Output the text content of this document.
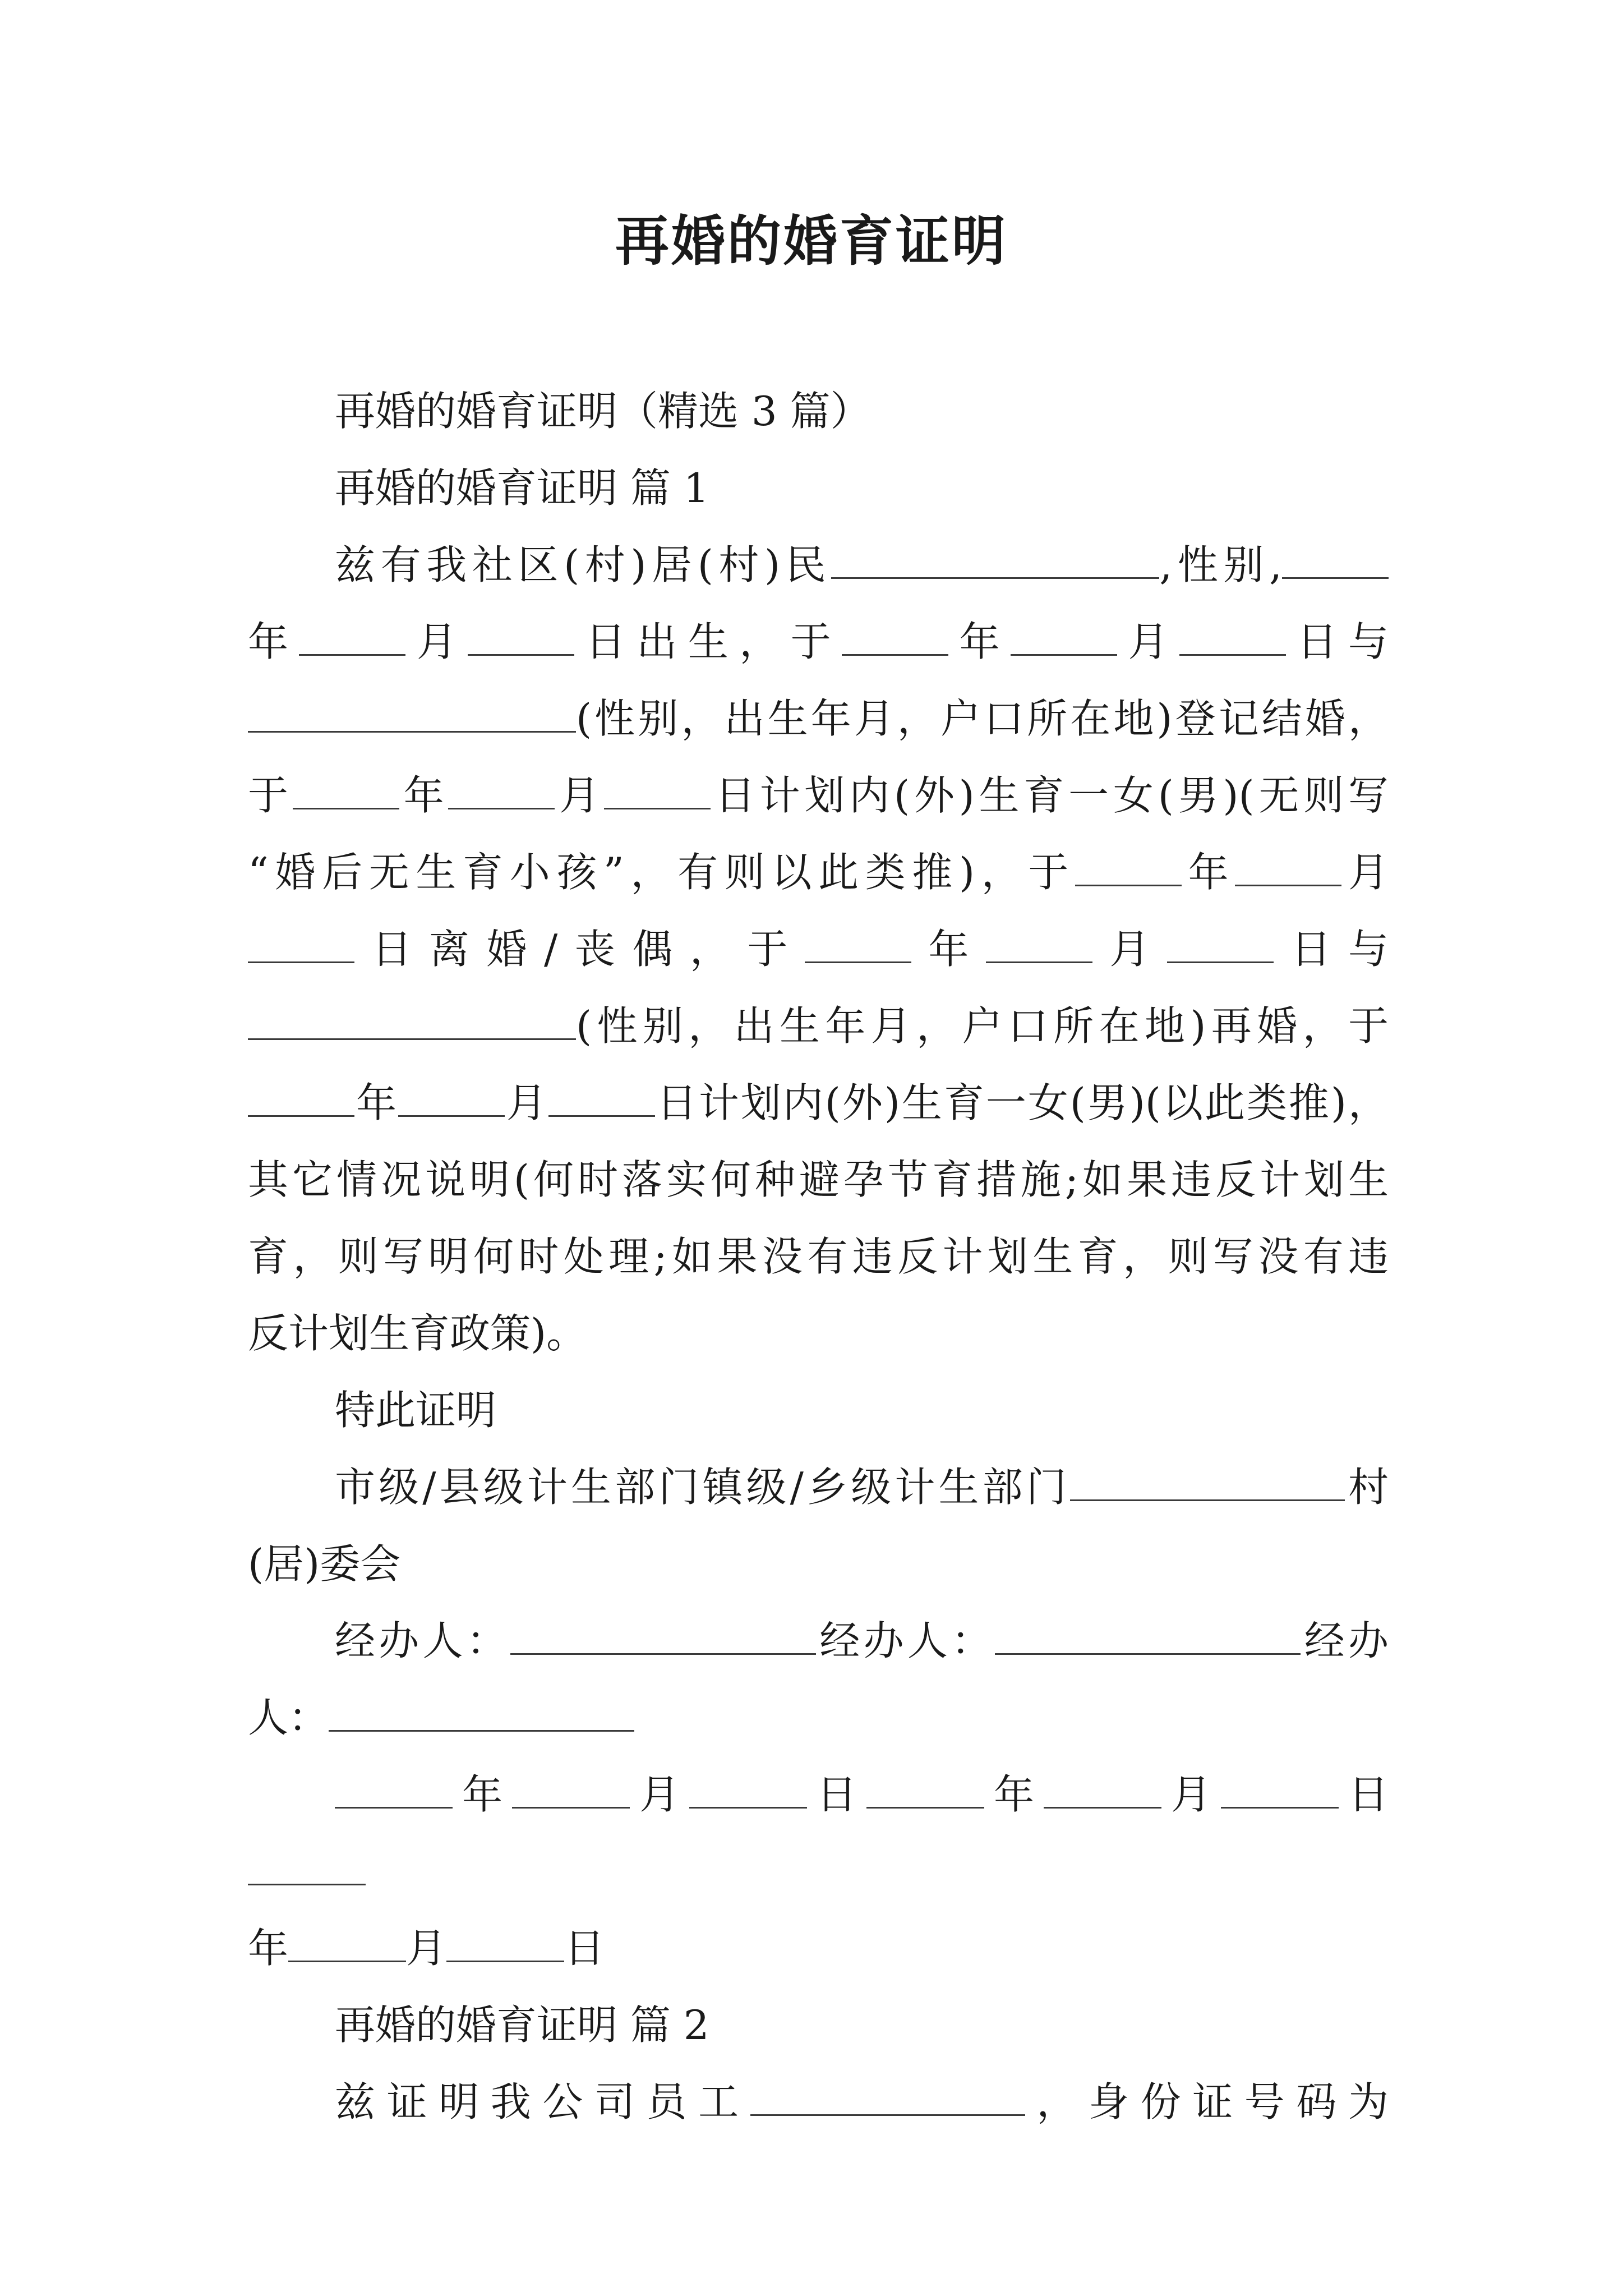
再婚的婚育证明

再婚的婚育证明（精选 3 篇）

再婚的婚育证明 篇 1

兹有我社区(村)居(村)民	,性别,

年	月	日出生，于	年	月	日与

(性别，出生年月，户口所在地)登记结婚，

于	年	月	日计划内(外)生育一女(男)(无则写

“婚后无生育小孩”，有则以此类推)，于	年	月

日离婚/丧偶，于	年	月	日与

(性别，出生年月，户口所在地)再婚，于

年	月	日计划内(外)生育一女(男)(以此类推)，

其它情况说明(何时落实何种避孕节育措施;如果违反计划生

育，则写明何时处理;如果没有违反计划生育，则写没有违

反计划生育政策)。

特此证明

市级/县级计生部门镇级/乡级计生部门	村

(居)委会

经办人：	经办人：	经办

人：

年	月	日	年	月	日

年	月	日

再婚的婚育证明 篇 2

兹证明我公司员工	，身份证号码为
